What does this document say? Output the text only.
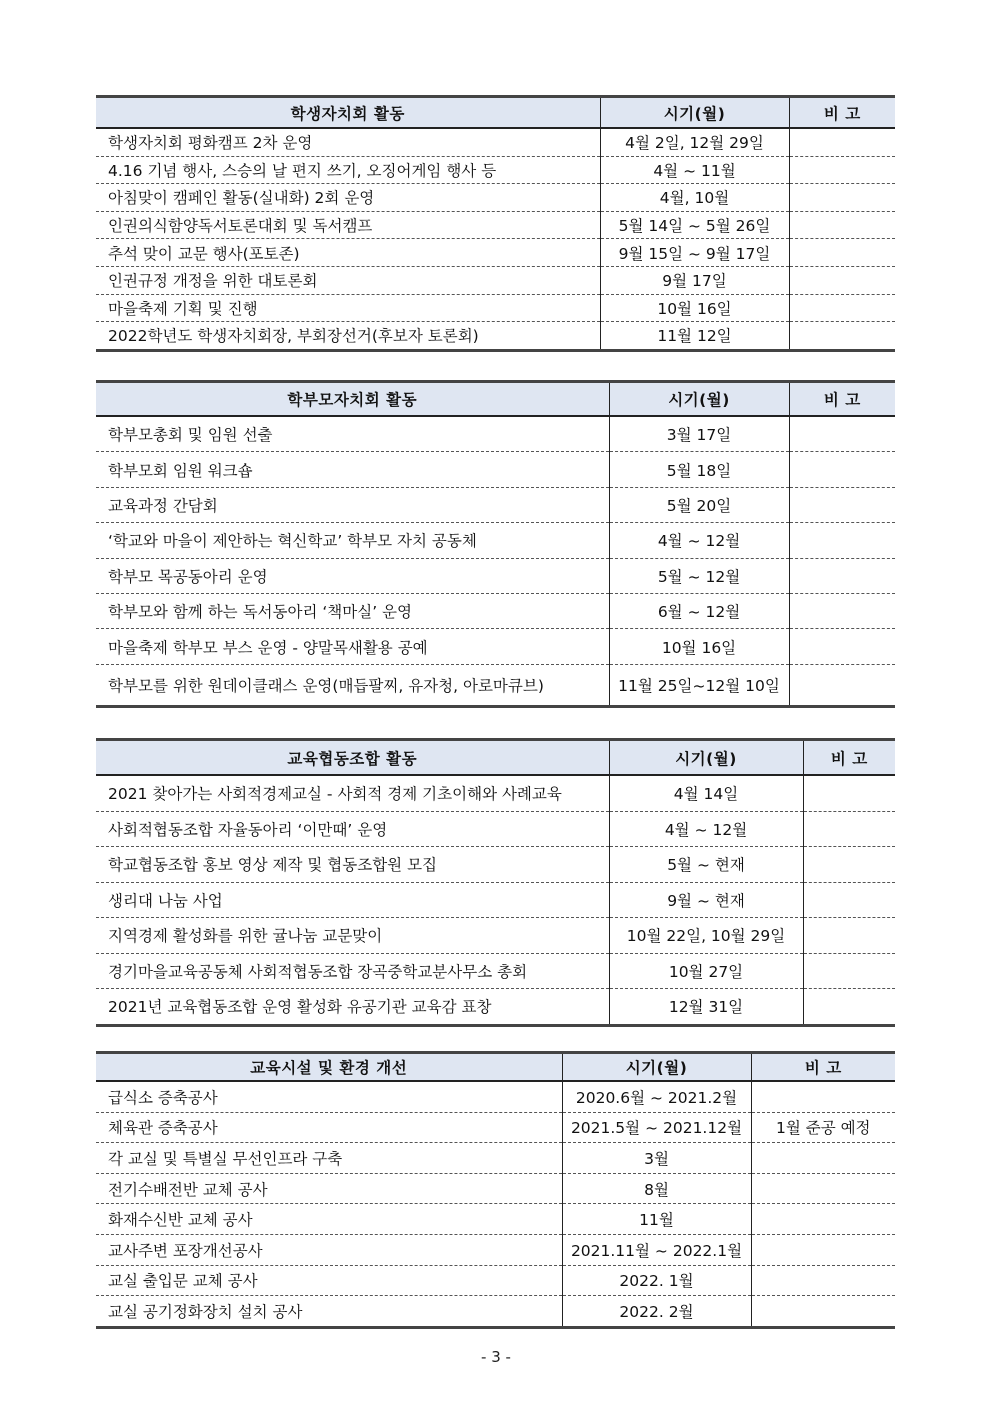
학생자치회 활동	시기(월)	비 고
학생자치회 평화캠프 2차 운영	4월 2일, 12월 29일	
4.16 기념 행사, 스승의 날 편지 쓰기, 오징어게임 행사 등	4월 ~ 11월	
아침맞이 캠페인 활동(실내화) 2회 운영	4월, 10월	
인권의식함양독서토론대회 및 독서캠프	5월 14일 ~ 5월 26일	
추석 맞이 교문 행사(포토존)	9월 15일 ~ 9월 17일	
인권규정 개정을 위한 대토론회	9월 17일	
마을축제 기획 및 진행	10월 16일	
2022학년도 학생자치회장, 부회장선거(후보자 토론회)	11월 12일	
학부모자치회 활동	시기(월)	비 고
학부모총회 및 임원 선출	3월 17일	
학부모회 임원 워크숍	5월 18일	
교육과정 간담회	5월 20일	
‘학교와 마을이 제안하는 혁신학교’ 학부모 자치 공동체	4월 ~ 12월	
학부모 목공동아리 운영	5월 ~ 12월	
학부모와 함께 하는 독서동아리 ‘책마실’ 운영	6월 ~ 12월	
마을축제 학부모 부스 운영 - 양말목새활용 공예	10월 16일	
학부모를 위한 원데이클래스 운영(매듭팔찌, 유자청, 아로마큐브)	11월 25일~12월 10일	
교육협동조합 활동	시기(월)	비 고
2021 찾아가는 사회적경제교실 - 사회적 경제 기초이해와 사례교육	4월 14일	
사회적협동조합 자율동아리 ‘이만때’ 운영	4월 ~ 12월	
학교협동조합 홍보 영상 제작 및 협동조합원 모집	5월 ~ 현재	
생리대 나눔 사업	9월 ~ 현재	
지역경제 활성화를 위한 귤나눔 교문맞이	10월 22일, 10월 29일	
경기마을교육공동체 사회적협동조합 장곡중학교분사무소 총회	10월 27일	
2021년 교육협동조합 운영 활성화 유공기관 교육감 표창	12월 31일	
교육시설 및 환경 개선	시기(월)	비 고
급식소 증축공사	2020.6월 ~ 2021.2월	
체육관 증축공사	2021.5월 ~ 2021.12월	1월 준공 예정
각 교실 및 특별실 무선인프라 구축	3월	
전기수배전반 교체 공사	8월	
화재수신반 교체 공사	11월	
교사주변 포장개선공사	2021.11월 ~ 2022.1월	
교실 출입문 교체 공사	2022. 1월	
교실 공기정화장치 설치 공사	2022. 2월	
- 3 -
